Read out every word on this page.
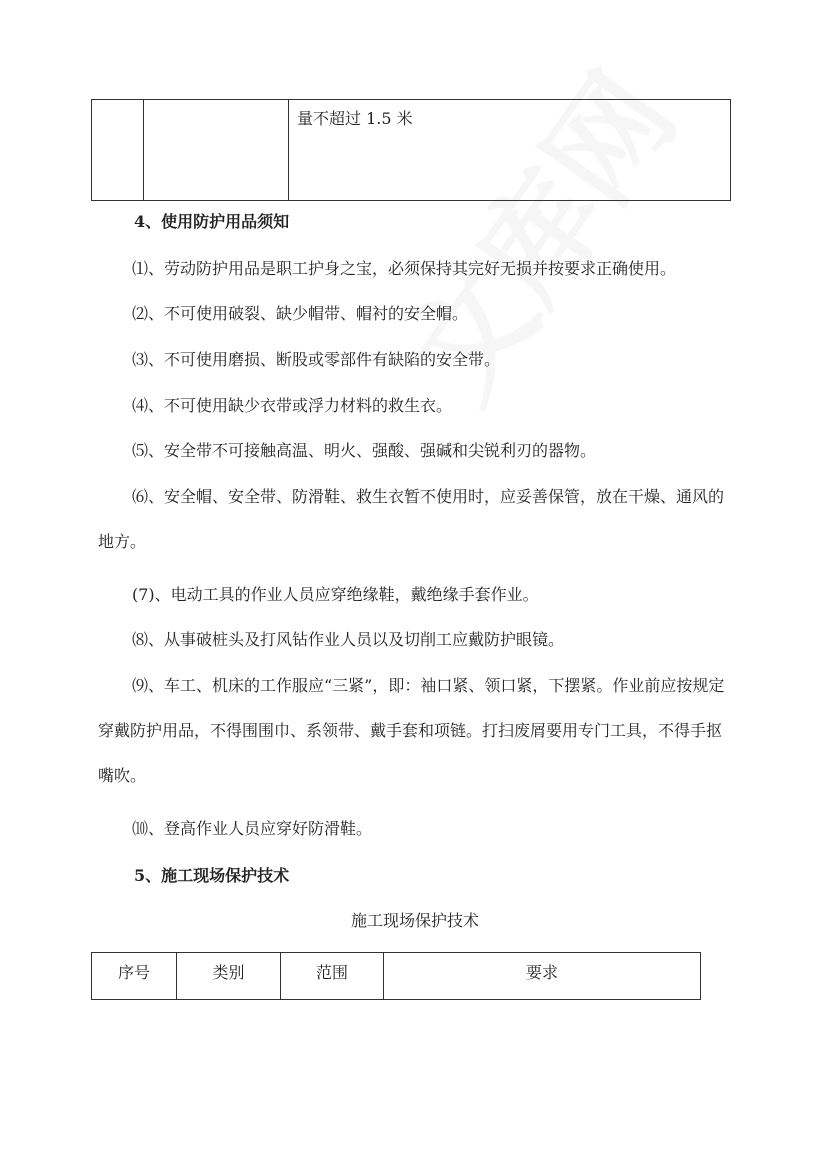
		量不超过 1.5 米

4、使用防护用品须知

⑴、劳动防护用品是职工护身之宝，必须保持其完好无损并按要求正确使用。

⑵、不可使用破裂、缺少帽带、帽衬的安全帽。

⑶、不可使用磨损、断股或零部件有缺陷的安全带。

⑷、不可使用缺少衣带或浮力材料的救生衣。

⑸、安全带不可接触高温、明火、强酸、强碱和尖锐利刃的器物。

⑹、安全帽、安全带、防滑鞋、救生衣暂不使用时，应妥善保管，放在干燥、通风的地方。

(7)、电动工具的作业人员应穿绝缘鞋，戴绝缘手套作业。

⑻、从事破桩头及打风钻作业人员以及切削工应戴防护眼镜。

⑼、车工、机床的工作服应“三紧”，即：袖口紧、领口紧，下摆紧。作业前应按规定穿戴防护用品，不得围围巾、系领带、戴手套和项链。打扫废屑要用专门工具，不得手抠嘴吹。

⑽、登高作业人员应穿好防滑鞋。

5、施工现场保护技术

施工现场保护技术

序号	类别	范围	要求
